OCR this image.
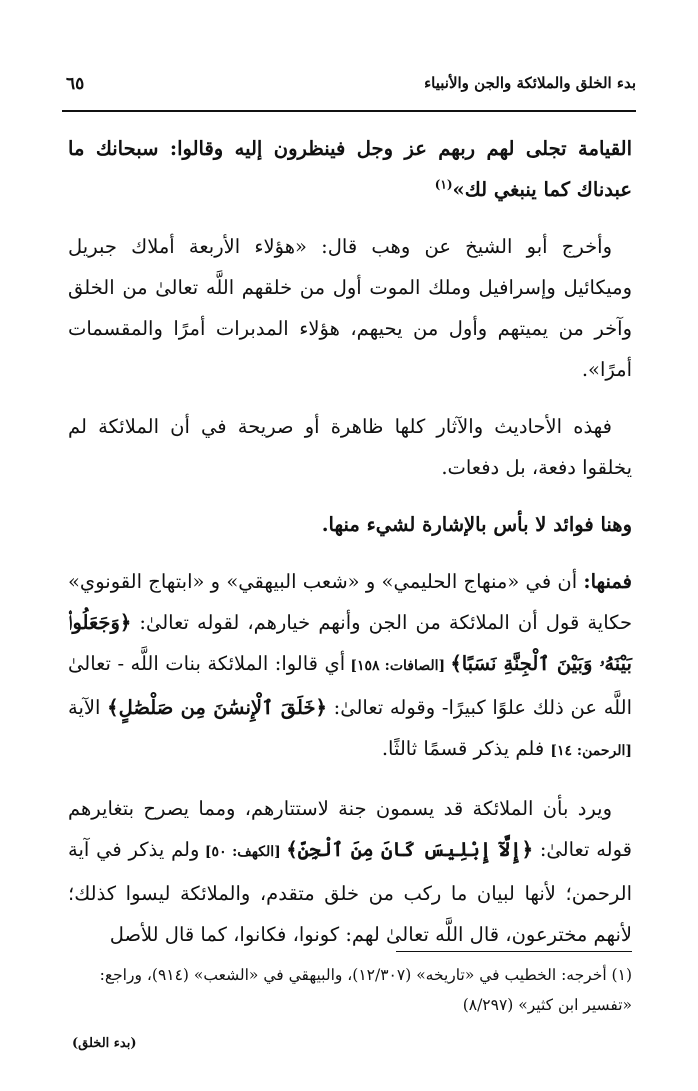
بدء الخلق والملائكة والجن والأنبياء
٦٥

القيامة تجلى لهم ربهم عز وجل فينظرون إليه وقالوا: سبحانك ما عبدناك كما ينبغي لك»$^{(١)}$

وأخرج أبو الشيخ عن وهب قال: «هؤلاء الأربعة أملاك جبريل وميكائيل وإسرافيل وملك الموت أول من خلقهم اللَّه تعالىٰ من الخلق وآخر من يميتهم وأول من يحيهم، هؤلاء المدبرات أمرًا والمقسمات أمرًا».

فهذه الأحاديث والآثار كلها ظاهرة أو صريحة في أن الملائكة لم يخلقوا دفعة، بل دفعات.

وهنا فوائد لا بأس بالإشارة لشيء منها.

فمنها: أن في «منهاج الحليمي» و «شعب البيهقي» و «ابتهاج القونوي» حكاية قول أن الملائكة من الجن وأنهم خيارهم، لقوله تعالىٰ: ﴿وَجَعَلُوا۟ بَيْنَهُۥ وَبَيْنَ ٱلْجِنَّةِ نَسَبًا﴾ [الصافات: ١٥٨] أي قالوا: الملائكة بنات اللَّه - تعالىٰ اللَّه عن ذلك علوًا كبيرًا- وقوله تعالىٰ: ﴿خَلَقَ ٱلْإِنسَٰنَ مِن صَلْصَٰلٍ﴾ الآية [الرحمن: ١٤] فلم يذكر قسمًا ثالثًا.

ويرد بأن الملائكة قد يسمون جنة لاستتارهم، ومما يصرح بتغايرهم قوله تعالىٰ: ﴿إِلَّآ إِبْلِيسَ كَانَ مِنَ ٱلْجِنِّ﴾ [الكهف: ٥٠] ولم يذكر في آية الرحمن؛ لأنها لبيان ما ركب من خلق متقدم، والملائكة ليسوا كذلك؛ لأنهم مخترعون، قال اللَّه تعالىٰ لهم: كونوا، فكانوا، كما قال للأصل

(١) أخرجه: الخطيب في «تاريخه» (١٢/٣٠٧)، والبيهقي في «الشعب» (٩١٤)، وراجع: «تفسير ابن كثير» (٨/٢٩٧)
(بدء الخلق)
